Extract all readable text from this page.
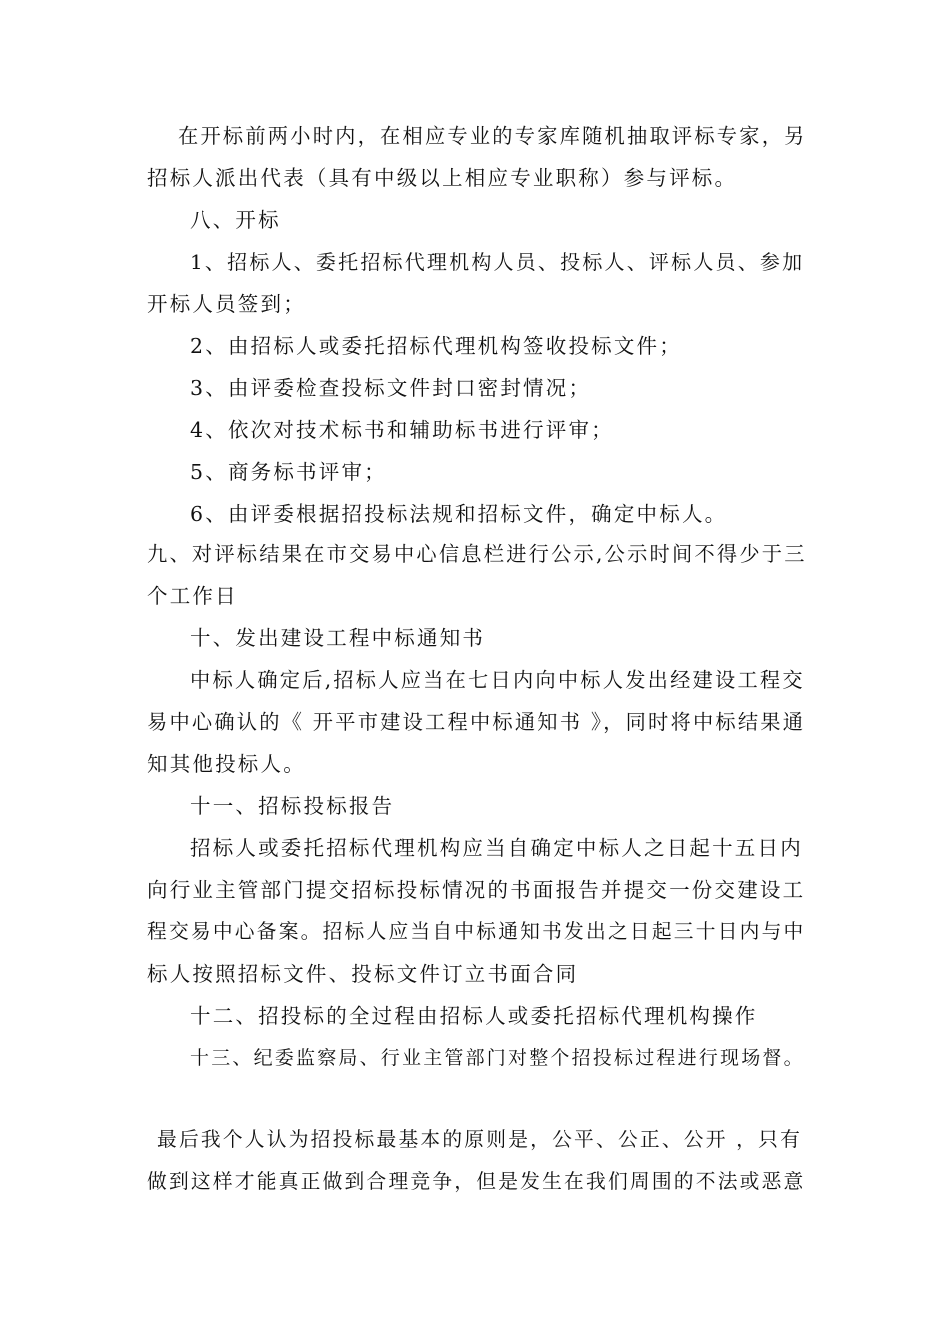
在开标前两小时内，在相应专业的专家库随机抽取评标专家，另
招标人派出代表（具有中级以上相应专业职称）参与评标。
八、开标
1、招标人、委托招标代理机构人员、投标人、评标人员、参加
开标人员签到；
2、由招标人或委托招标代理机构签收投标文件；
3、由评委检查投标文件封口密封情况；
4、依次对技术标书和辅助标书进行评审；
5、商务标书评审；
6、由评委根据招投标法规和招标文件，确定中标人。
九、对评标结果在市交易中心信息栏进行公示,公示时间不得少于三
个工作日
十、发出建设工程中标通知书
中标人确定后,招标人应当在七日内向中标人发出经建设工程交
易中心确认的《 开平市建设工程中标通知书 》，同时将中标结果通
知其他投标人。
十一、招标投标报告
招标人或委托招标代理机构应当自确定中标人之日起十五日内
向行业主管部门提交招标投标情况的书面报告并提交一份交建设工
程交易中心备案。招标人应当自中标通知书发出之日起三十日内与中
标人按照招标文件、投标文件订立书面合同
十二、招投标的全过程由招标人或委托招标代理机构操作
十三、纪委监察局、行业主管部门对整个招投标过程进行现场督。
最后我个人认为招投标最基本的原则是，公平、公正、公开 ，只有
做到这样才能真正做到合理竞争，但是发生在我们周围的不法或恶意
